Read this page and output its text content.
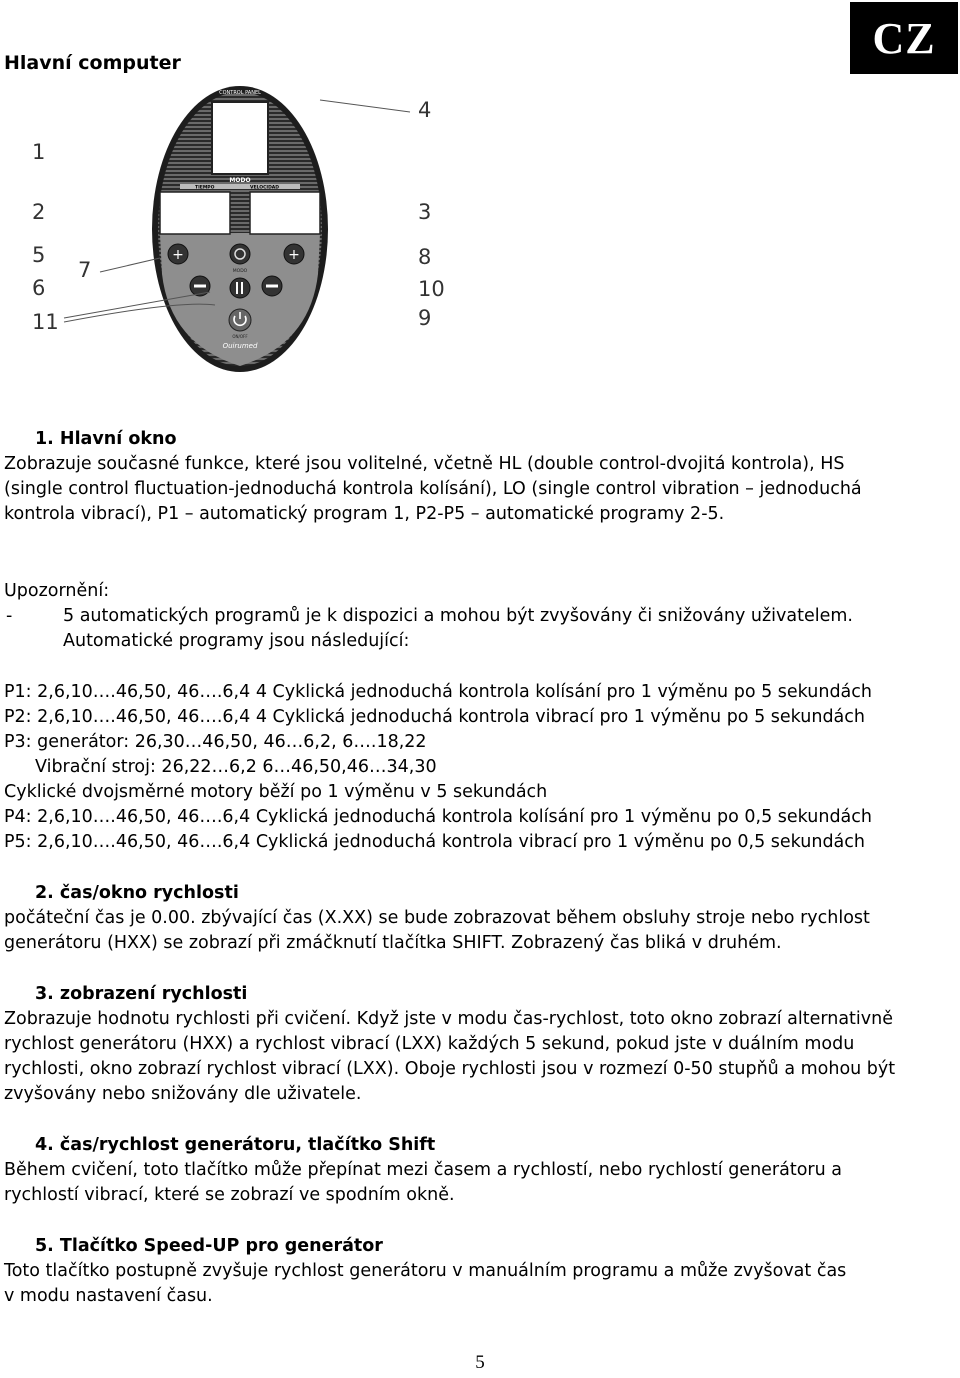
CZ
Hlavní computer
CONTROL PANEL
MODO
TIEMPO	VELOCIDAD
+	+
MODO
ON/OFF
Ouirumed
1
2
5
7
6
11
4
3
8
10
9
1. Hlavní okno
Zobrazuje současné funkce, které jsou volitelné, včetně HL (double control-dvojitá kontrola), HS
(single control fluctuation-jednoduchá kontrola kolísání), LO (single control vibration – jednoduchá
kontrola vibrací), P1 – automatický program 1, P2-P5 – automatické programy 2-5.
Upozornění:
-	5 automatických programů je k dispozici a mohou být zvyšovány či snižovány uživatelem.
Automatické programy jsou následující:
P1: 2,6,10….46,50, 46….6,4 4 Cyklická jednoduchá kontrola kolísání pro 1 výměnu po 5 sekundách
P2: 2,6,10….46,50, 46….6,4 4 Cyklická jednoduchá kontrola vibrací pro 1 výměnu po 5 sekundách
P3: generátor: 26,30…46,50, 46…6,2, 6….18,22
Vibrační stroj: 26,22…6,2 6…46,50,46…34,30
Cyklické dvojsměrné motory běží po 1 výměnu v 5 sekundách
P4: 2,6,10….46,50, 46….6,4 Cyklická jednoduchá kontrola kolísání pro 1 výměnu po 0,5 sekundách
P5: 2,6,10….46,50, 46….6,4 Cyklická jednoduchá kontrola vibrací pro 1 výměnu po 0,5 sekundách
2. čas/okno rychlosti
počáteční čas je 0.00. zbývající čas (X.XX) se bude zobrazovat během obsluhy stroje nebo rychlost
generátoru (HXX) se zobrazí při zmáčknutí tlačítka SHIFT. Zobrazený čas bliká v druhém.
3. zobrazení rychlosti
Zobrazuje hodnotu rychlosti při cvičení. Když jste v modu čas-rychlost, toto okno zobrazí alternativně
rychlost generátoru (HXX) a rychlost vibrací (LXX) každých 5 sekund, pokud jste v duálním modu
rychlosti, okno zobrazí rychlost vibrací (LXX). Oboje rychlosti jsou v rozmezí 0-50 stupňů a mohou být
zvyšovány nebo snižovány dle uživatele.
4. čas/rychlost generátoru, tlačítko Shift
Během cvičení, toto tlačítko může přepínat mezi časem a rychlostí, nebo rychlostí generátoru a
rychlostí vibrací, které se zobrazí ve spodním okně.
5. Tlačítko Speed-UP pro generátor
Toto tlačítko postupně zvyšuje rychlost generátoru v manuálním programu a může zvyšovat čas
v modu nastavení času.
5
